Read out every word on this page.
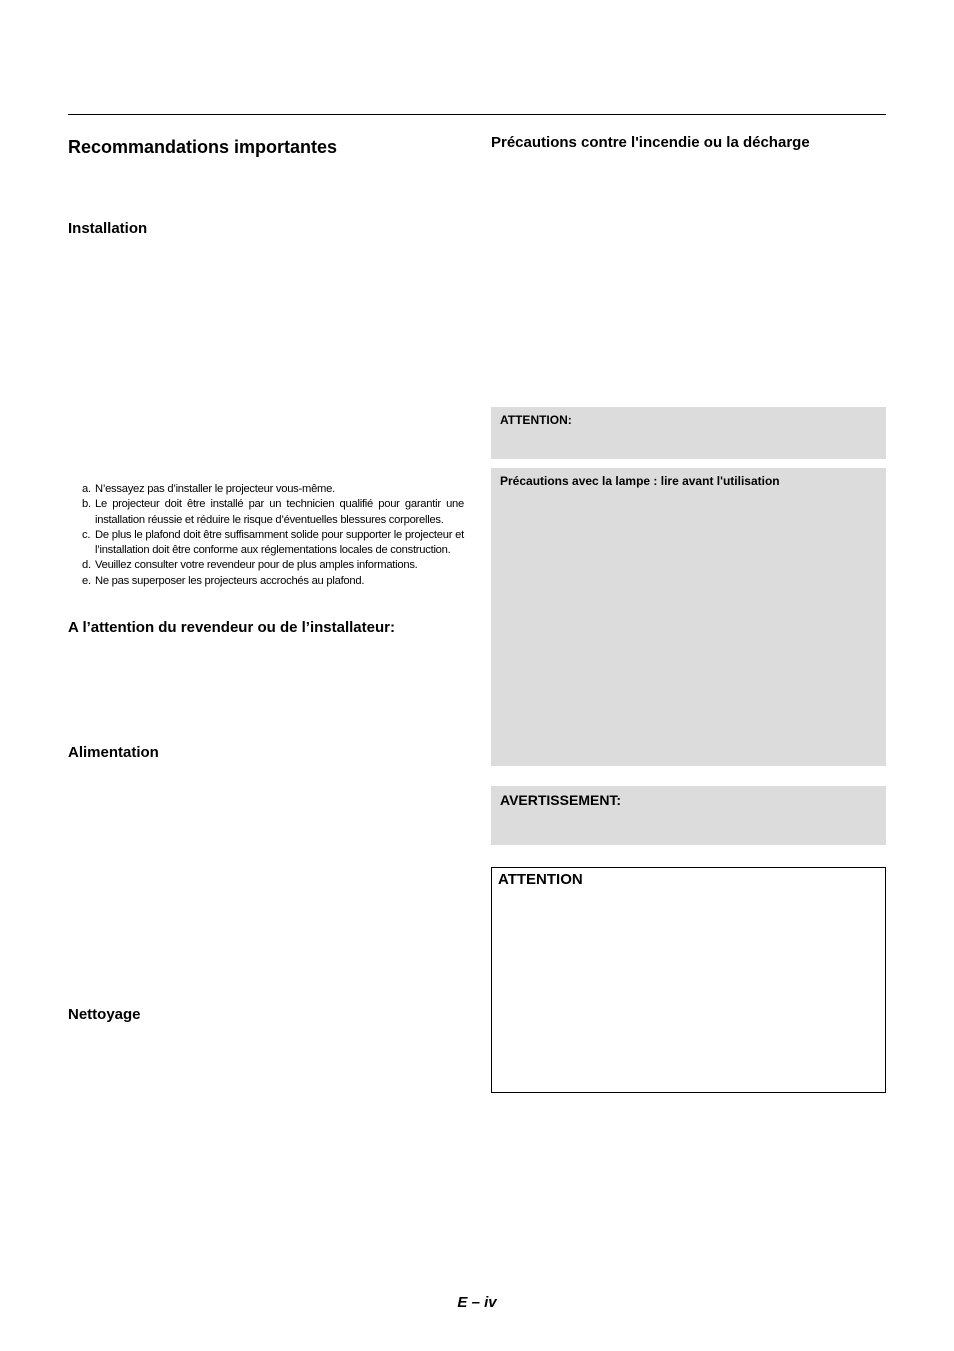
Recommandations importantes
Installation
a. N’essayez pas d’installer le projecteur vous-même.
b. Le projecteur doit être installé par un technicien qualifié pour garantir une installation réussie et réduire le risque d’éventuelles blessures corporelles.
c. De plus le plafond doit être suffisamment solide pour supporter le projecteur et l’installation doit être conforme aux réglementations locales de construction.
d. Veuillez consulter votre revendeur pour de plus amples informations.
e. Ne pas superposer les projecteurs accrochés au plafond.
A l’attention du revendeur ou de l’installateur:
Alimentation
Nettoyage
Précautions contre l'incendie ou la décharge
ATTENTION:
Précautions avec la lampe : lire avant l'utilisation
AVERTISSEMENT:
ATTENTION
E – iv
